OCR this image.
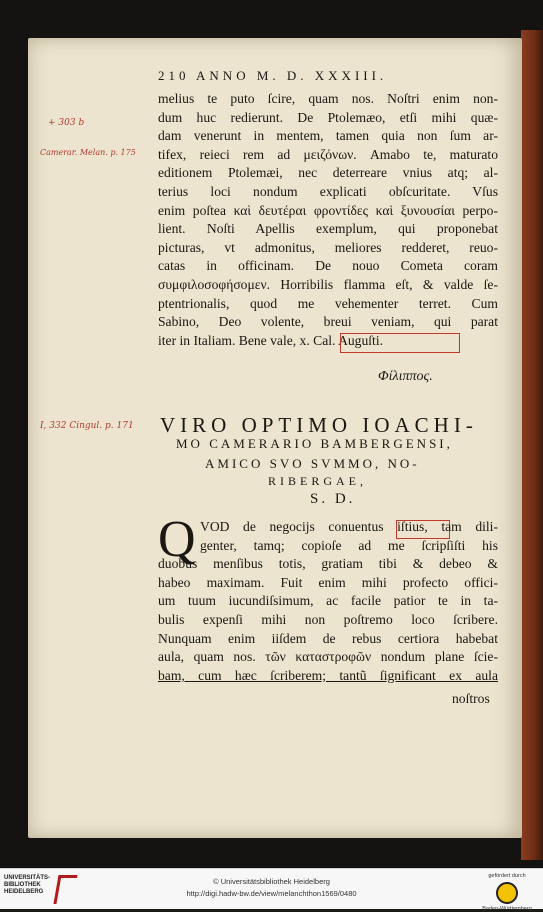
+ 303 b
Camerar. Melan. p. 175
I, 332 Cingul. p. 171
210 ANNO M. D. XXXIII.
melius te puto ſcire, quam nos. Noſtri enim non-
dum huc redierunt. De Ptolemæo, etſi mihi quæ-
dam venerunt in mentem, tamen quia non ſum ar-
tifex, reieci rem ad μειζόνων. Amabo te, maturato
editionem Ptolemæi, nec deterreare vnius atq; al-
terius loci nondum explicati obſcuritate. Vſus
enim poſtea καὶ δευτέραι φροντίδες καὶ ξυνουσίαι perpo-
lient. Noſti Apellis exemplum, qui proponebat
picturas, vt admonitus, meliores redderet, reuo-
catas in officinam. De nouo Cometa coram
συμφιλοσοφήσομεν. Horribilis flamma eſt, & valde ſe-
ptentrionalis, quod me vehementer terret. Cum
Sabino, Deo volente, breui veniam, qui parat
iter in Italiam. Bene vale, x. Cal. Auguſti.
Φίλιππος.
VIRO OPTIMO IOACHI-
MO CAMERARIO BAMBERGENSI,
AMICO SVO SVMMO, NO-
RIBERGAE,
S. D.
Q VOD de negocijs conuentus iſtius, tam dili-
genter, tamq; copioſe ad me ſcripſiſti his
duobus menſibus totis, gratiam tibi & debeo &
habeo maximam. Fuit enim mihi profecto offici-
um tuum iucundiſsimum, ac facile patior te in ta-
bulis expenſi mihi non poſtremo loco ſcribere.
Nunquam enim iiſdem de rebus certiora habebat
aula, quam nos. τῶν καταστροφῶν nondum plane ſcie-
bam, cum hæc ſcriberem; tantũ ſignificant ex aula
noſtros
UNIVERSITÄTS-BIBLIOTHEK HEIDELBERG
© Universitätsbibliothek Heidelberg
http://digi.hadw-bw.de/view/melanchthon1569/0480
gefördert durch
Baden-Württemberg
